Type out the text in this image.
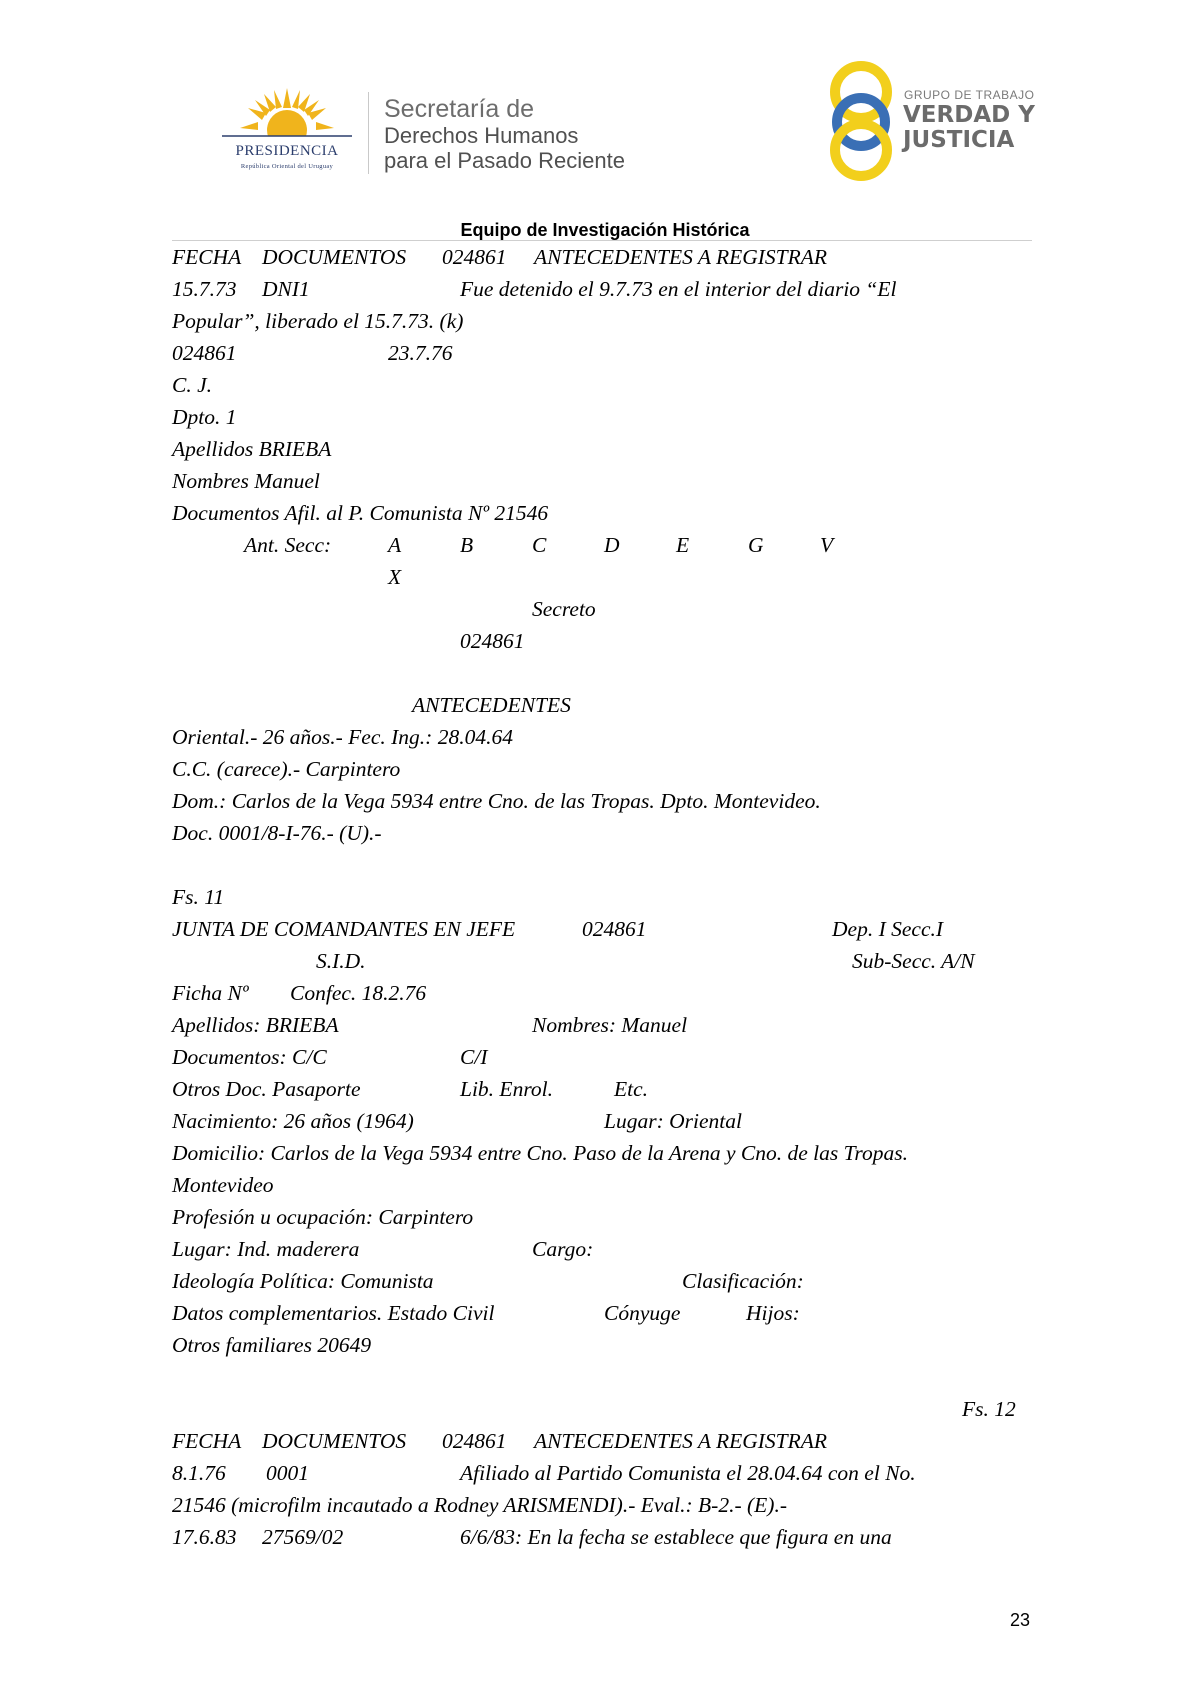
PRESIDENCIA
República Oriental del Uruguay
Secretaría de
Derechos Humanos
para el Pasado Reciente
GRUPO DE TRABAJO
VERDAD Y
JUSTICIA
Equipo de Investigación Histórica
FECHA DOCUMENTOS 024861 ANTECEDENTES A REGISTRAR
15.7.73 DNI1	Fue detenido el 9.7.73 en el interior del diario “El
Popular”, liberado el 15.7.73. (k)
024861	23.7.76
C. J.
Dpto. 1
Apellidos BRIEBA
Nombres Manuel
Documentos Afil. al P. Comunista Nº 21546
Ant. Secc:	A	B	C	D	E	G	V
X
Secreto
024861
ANTECEDENTES
Oriental.- 26 años.- Fec. Ing.: 28.04.64
C.C. (carece).- Carpintero
Dom.: Carlos de la Vega 5934 entre Cno. de las Tropas. Dpto. Montevideo.
Doc. 0001/8-I-76.- (U).-
Fs. 11
JUNTA DE COMANDANTES EN JEFE	024861	Dep. I Secc.I
S.I.D.	Sub-Secc. A/N
Ficha Nº Confec. 18.2.76
Apellidos: BRIEBA	Nombres: Manuel
Documentos: C/C	C/I
Otros Doc. Pasaporte	Lib. Enrol.	Etc.
Nacimiento: 26 años (1964)	Lugar: Oriental
Domicilio: Carlos de la Vega 5934 entre Cno. Paso de la Arena y Cno. de las Tropas.
Montevideo
Profesión u ocupación: Carpintero
Lugar: Ind. maderera	Cargo:
Ideología Política: Comunista	Clasificación:
Datos complementarios. Estado Civil	Cónyuge	Hijos:
Otros familiares 20649
Fs. 12
FECHA DOCUMENTOS 024861 ANTECEDENTES A REGISTRAR
8.1.76 0001	Afiliado al Partido Comunista el 28.04.64 con el No.
21546 (microfilm incautado a Rodney ARISMENDI).- Eval.: B-2.- (E).-
17.6.83 27569/02	6/6/83: En la fecha se establece que figura en una
23
